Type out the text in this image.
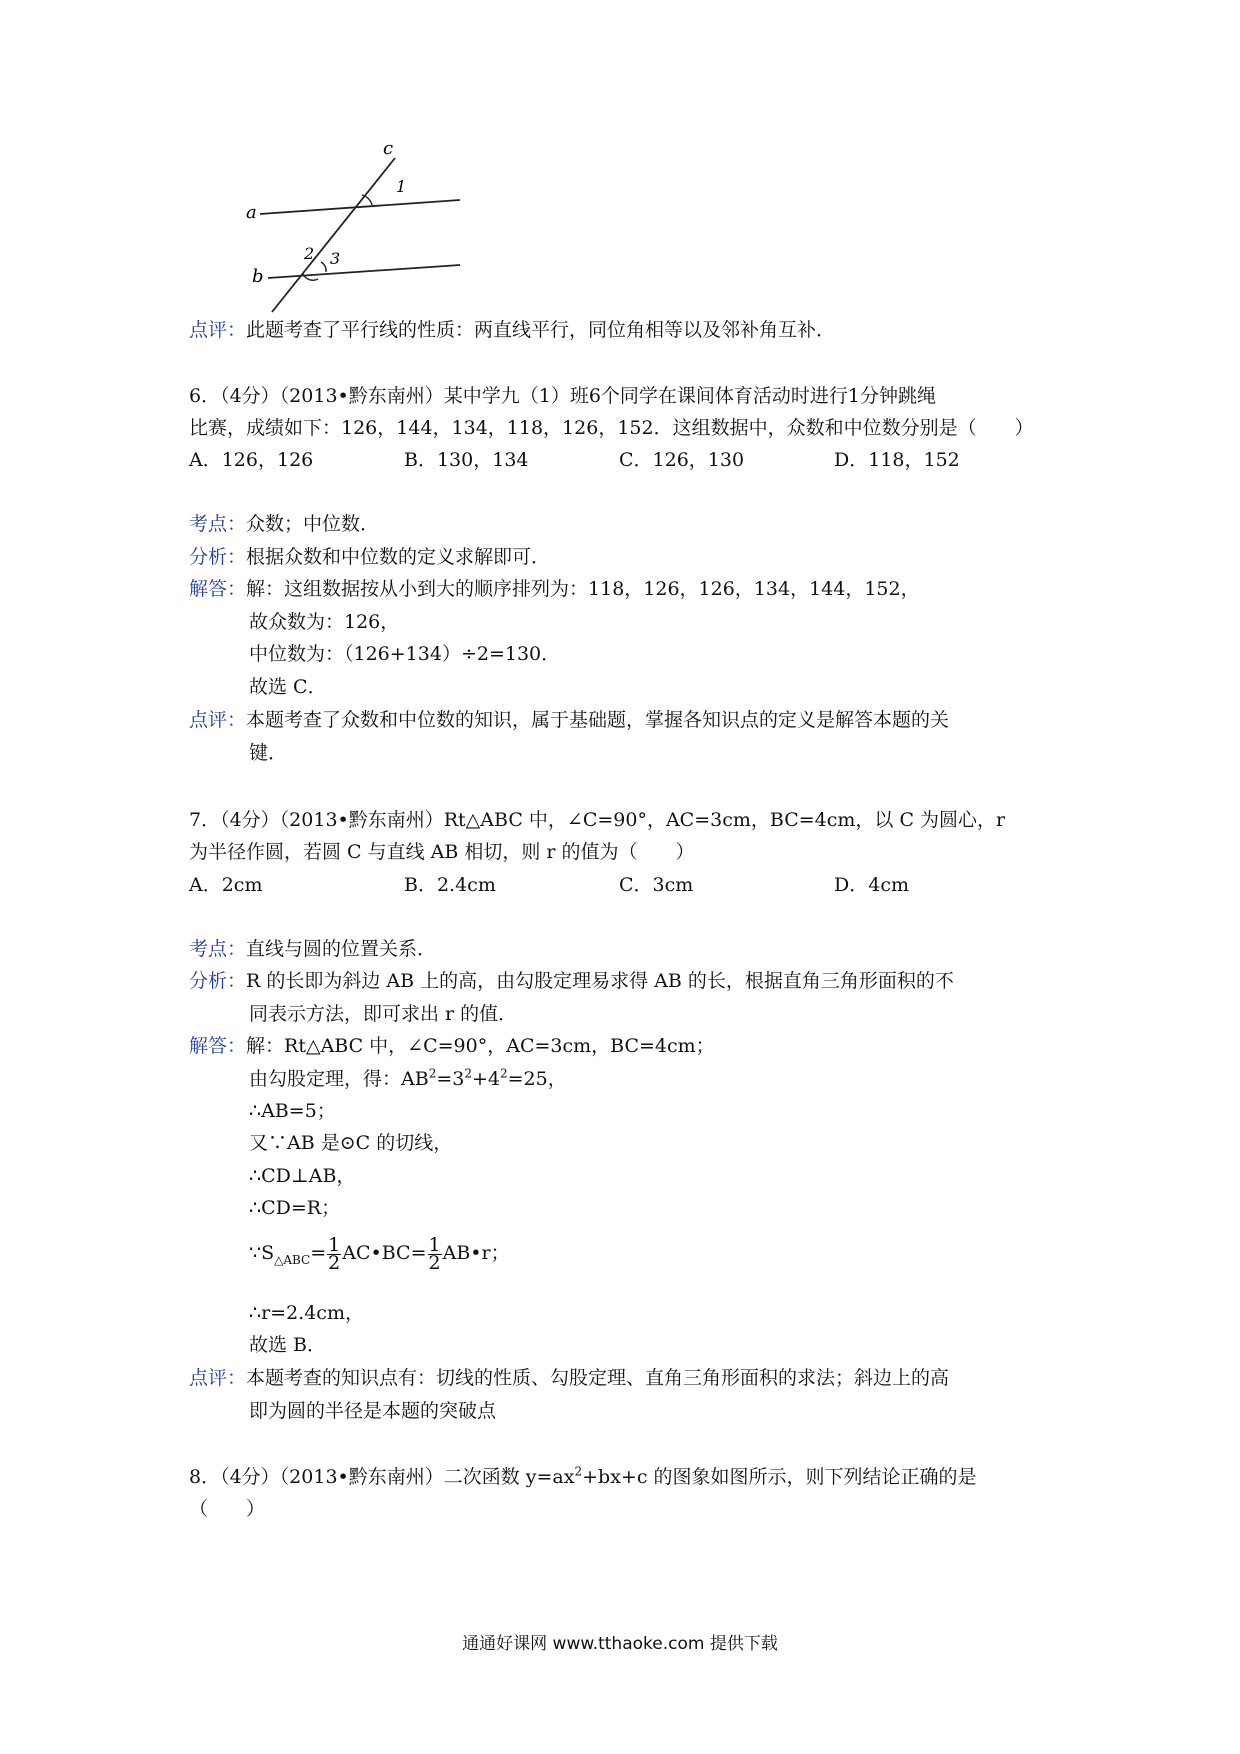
a
b
c
1
2 3
点评：此题考查了平行线的性质：两直线平行，同位角相等以及邻补角互补．
6．（4分）（2013•黔东南州）某中学九（1）班6个同学在课间体育活动时进行1分钟跳绳
比赛，成绩如下：126，144，134，118，126，152．这组数据中，众数和中位数分别是（　　）
A．126，126	B．130，134	C．126，130	D．118，152
考点：众数；中位数．
分析：根据众数和中位数的定义求解即可．
解答：解：这组数据按从小到大的顺序排列为：118，126，126，134，144，152，
故众数为：126，
中位数为：（126+134）÷2=130．
故选 C．
点评：本题考查了众数和中位数的知识，属于基础题，掌握各知识点的定义是解答本题的关
键．
7．（4分）（2013•黔东南州）Rt△ABC 中，∠C=90°，AC=3cm，BC=4cm，以 C 为圆心，r
为半径作圆，若圆 C 与直线 AB 相切，则 r 的值为（　　）
A．2cm	B．2.4cm	C．3cm	D．4cm
考点：直线与圆的位置关系．
分析：R 的长即为斜边 AB 上的高，由勾股定理易求得 AB 的长，根据直角三角形面积的不
同表示方法，即可求出 r 的值．
解答：解：Rt△ABC 中，∠C=90°，AC=3cm，BC=4cm；
由勾股定理，得：$AB^2=3^2+4^2=25$，
∴AB=5；
又∵AB 是⊙C 的切线，
∴CD⊥AB，
∴CD=R；
$\because S_{\triangle ABC}= \frac{1}{2}$ AC•BC= $\frac{1}{2}$ AB•r；
∴r=2.4cm，
故选 B．
点评：本题考查的知识点有：切线的性质、勾股定理、直角三角形面积的求法；斜边上的高
即为圆的半径是本题的突破点
8．（4分）（2013•黔东南州）二次函数 $y=ax^2+bx+c$ 的图象如图所示，则下列结论正确的是
（　　）
通通好课网 www.tthaoke.com 提供下载
